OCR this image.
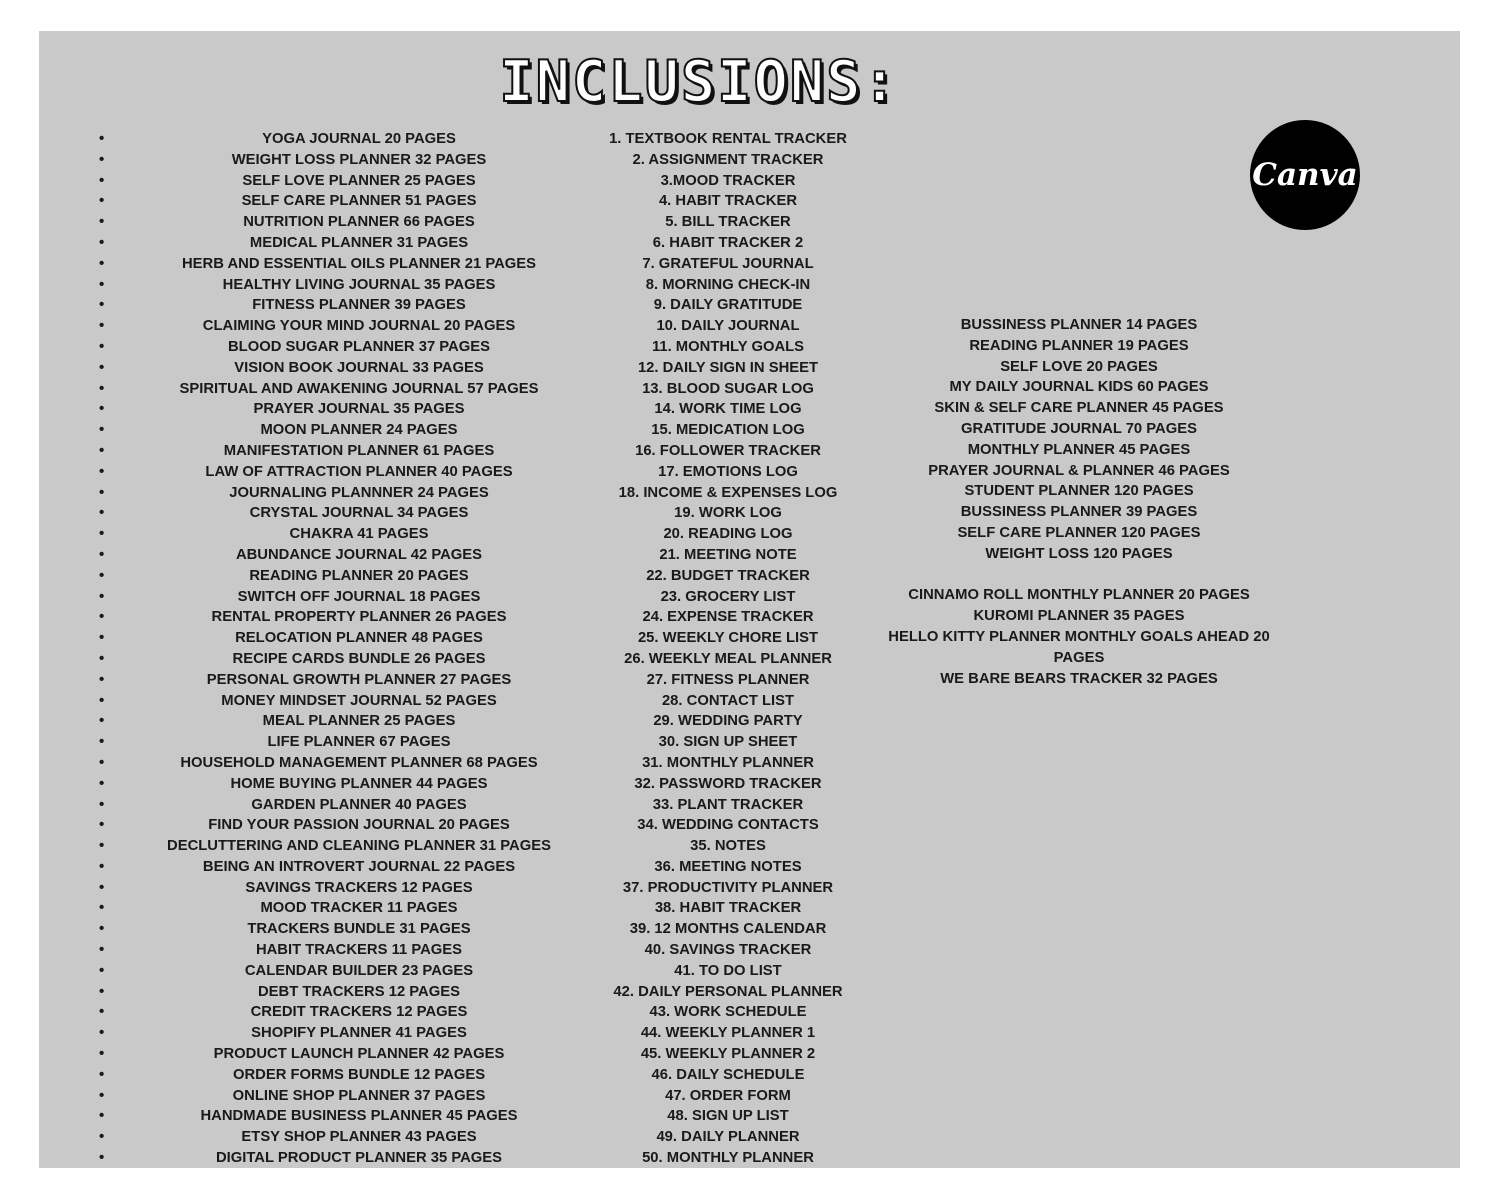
INCLUSIONS:
Canva
• YOGA JOURNAL 20 PAGES
• WEIGHT LOSS PLANNER 32 PAGES
• SELF LOVE PLANNER 25 PAGES
• SELF CARE PLANNER 51 PAGES
• NUTRITION PLANNER 66 PAGES
• MEDICAL PLANNER 31 PAGES
• HERB AND ESSENTIAL OILS PLANNER 21 PAGES
• HEALTHY LIVING JOURNAL 35 PAGES
• FITNESS PLANNER 39 PAGES
• CLAIMING YOUR MIND JOURNAL 20 PAGES
• BLOOD SUGAR PLANNER 37 PAGES
• VISION BOOK JOURNAL 33 PAGES
• SPIRITUAL AND AWAKENING JOURNAL 57 PAGES
• PRAYER JOURNAL 35 PAGES
• MOON PLANNER 24 PAGES
• MANIFESTATION PLANNER 61 PAGES
• LAW OF ATTRACTION PLANNER 40 PAGES
• JOURNALING PLANNNER 24 PAGES
• CRYSTAL JOURNAL 34 PAGES
• CHAKRA 41 PAGES
• ABUNDANCE JOURNAL 42 PAGES
• READING PLANNER 20 PAGES
• SWITCH OFF JOURNAL 18 PAGES
• RENTAL PROPERTY PLANNER 26 PAGES
• RELOCATION PLANNER 48 PAGES
• RECIPE CARDS BUNDLE 26 PAGES
• PERSONAL GROWTH PLANNER 27 PAGES
• MONEY MINDSET JOURNAL 52 PAGES
• MEAL PLANNER 25 PAGES
• LIFE PLANNER 67 PAGES
• HOUSEHOLD MANAGEMENT PLANNER 68 PAGES
• HOME BUYING PLANNER 44 PAGES
• GARDEN PLANNER 40 PAGES
• FIND YOUR PASSION JOURNAL 20 PAGES
• DECLUTTERING AND CLEANING PLANNER 31 PAGES
• BEING AN INTROVERT JOURNAL 22 PAGES
• SAVINGS TRACKERS 12 PAGES
• MOOD TRACKER 11 PAGES
• TRACKERS BUNDLE 31 PAGES
• HABIT TRACKERS 11 PAGES
• CALENDAR BUILDER 23 PAGES
• DEBT TRACKERS 12 PAGES
• CREDIT TRACKERS 12 PAGES
• SHOPIFY PLANNER 41 PAGES
• PRODUCT LAUNCH PLANNER 42 PAGES
• ORDER FORMS BUNDLE 12 PAGES
• ONLINE SHOP PLANNER 37 PAGES
• HANDMADE BUSINESS PLANNER 45 PAGES
• ETSY SHOP PLANNER 43 PAGES
• DIGITAL PRODUCT PLANNER 35 PAGES
1. TEXTBOOK RENTAL TRACKER
2. ASSIGNMENT TRACKER
3.MOOD TRACKER
4. HABIT TRACKER
5. BILL TRACKER
6. HABIT TRACKER 2
7. GRATEFUL JOURNAL
8. MORNING CHECK-IN
9. DAILY GRATITUDE
10. DAILY JOURNAL
11. MONTHLY GOALS
12. DAILY SIGN IN SHEET
13. BLOOD SUGAR LOG
14. WORK TIME LOG
15. MEDICATION LOG
16. FOLLOWER TRACKER
17. EMOTIONS LOG
18. INCOME & EXPENSES LOG
19. WORK LOG
20. READING LOG
21. MEETING NOTE
22. BUDGET TRACKER
23. GROCERY LIST
24. EXPENSE TRACKER
25. WEEKLY CHORE LIST
26. WEEKLY MEAL PLANNER
27. FITNESS PLANNER
28. CONTACT LIST
29. WEDDING PARTY
30. SIGN UP SHEET
31. MONTHLY PLANNER
32. PASSWORD TRACKER
33. PLANT TRACKER
34. WEDDING CONTACTS
35. NOTES
36. MEETING NOTES
37. PRODUCTIVITY PLANNER
38. HABIT TRACKER
39. 12 MONTHS CALENDAR
40. SAVINGS TRACKER
41. TO DO LIST
42. DAILY PERSONAL PLANNER
43. WORK SCHEDULE
44. WEEKLY PLANNER 1
45. WEEKLY PLANNER 2
46. DAILY SCHEDULE
47. ORDER FORM
48. SIGN UP LIST
49. DAILY PLANNER
50. MONTHLY PLANNER
BUSSINESS PLANNER 14 PAGES
READING PLANNER 19 PAGES
SELF LOVE 20 PAGES
MY DAILY JOURNAL KIDS 60 PAGES
SKIN & SELF CARE PLANNER 45 PAGES
GRATITUDE JOURNAL 70 PAGES
MONTHLY PLANNER 45 PAGES
PRAYER JOURNAL & PLANNER 46 PAGES
STUDENT PLANNER 120 PAGES
BUSSINESS PLANNER 39 PAGES
SELF CARE PLANNER 120 PAGES
WEIGHT LOSS 120 PAGES
CINNAMO ROLL MONTHLY PLANNER 20 PAGES
KUROMI PLANNER 35 PAGES
HELLO KITTY PLANNER MONTHLY GOALS AHEAD 20 PAGES
WE BARE BEARS TRACKER 32 PAGES
